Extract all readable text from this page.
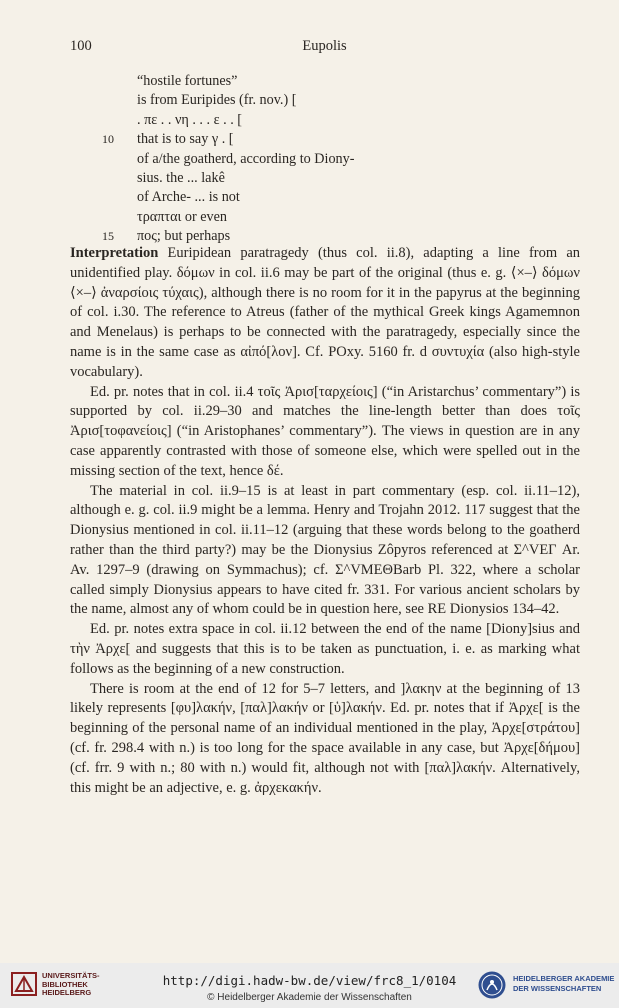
100	Eupolis
“hostile fortunes”
is from Euripides (fr. nov.) [
. πε . . νη . . . ε . . [
10 that is to say γ . [
of a/the goatherd, according to Diony-
sius. the ... lakê
of Arche- ... is not
τραπται or even
15 πος; but perhaps

Interpretation Euripidean paratragedy (thus col. ii.8), adapting a line from an unidentified play. δόμων in col. ii.6 may be part of the original (thus e. g. ⟨×–⟩ δόμων ⟨×–⟩ ἀναρσίοις τύχαις), although there is no room for it in the papyrus at the beginning of col. i.30. The reference to Atreus (father of the mythical Greek kings Agamemnon and Menelaus) is perhaps to be connected with the paratragedy, especially since the name is in the same case as αἰπό[λον]. Cf. POxy. 5160 fr. d συντυχία (also high-style vocabulary).

Ed. pr. notes that in col. ii.4 τοῖς Ἀρισ[ταρχείοις] (“in Aristarchus’ commentary”) is supported by col. ii.29–30 and matches the line-length better than does τοῖς Ἀρισ[τοφανείοις] (“in Aristophanes’ commentary”). The views in question are in any case apparently contrasted with those of someone else, which were spelled out in the missing section of the text, hence δέ.

The material in col. ii.9–15 is at least in part commentary (esp. col. ii.11–12), although e. g. col. ii.9 might be a lemma. Henry and Trojahn 2012. 117 suggest that the Dionysius mentioned in col. ii.11–12 (arguing that these words belong to the goatherd rather than the third party?) may be the Dionysius Zôpyros referenced at Σ^VEΓ Ar. Av. 1297–9 (drawing on Symmachus); cf. Σ^VMEΘBarb Pl. 322, where a scholar called simply Dionysius appears to have cited fr. 331. For various ancient scholars by the name, almost any of whom could be in question here, see RE Dionysios 134–42.

Ed. pr. notes extra space in col. ii.12 between the end of the name [Diony]sius and τὴν Ἀρχε[ and suggests that this is to be taken as punctuation, i. e. as marking what follows as the beginning of a new construction.

There is room at the end of 12 for 5–7 letters, and ]λακην at the beginning of 13 likely represents [φυ]λακήν, [παλ]λακήν or [ὑ]λακήν. Ed. pr. notes that if Ἀρχε[ is the beginning of the personal name of an individual mentioned in the play, Ἀρχε[στράτου] (cf. fr. 298.4 with n.) is too long for the space available in any case, but Ἀρχε[δήμου] (cf. frr. 9 with n.; 80 with n.) would fit, although not with [παλ]λακήν. Alternatively, this might be an adjective, e. g. ἀρχεκακήν.

UNIVERSITÄTS-
BIBLIOTHEK
HEIDELBERG
http://digi.hadw-bw.de/view/frc8_1/0104
© Heidelberger Akademie der Wissenschaften
HEIDELBERGER AKADEMIE
DER WISSENSCHAFTEN
